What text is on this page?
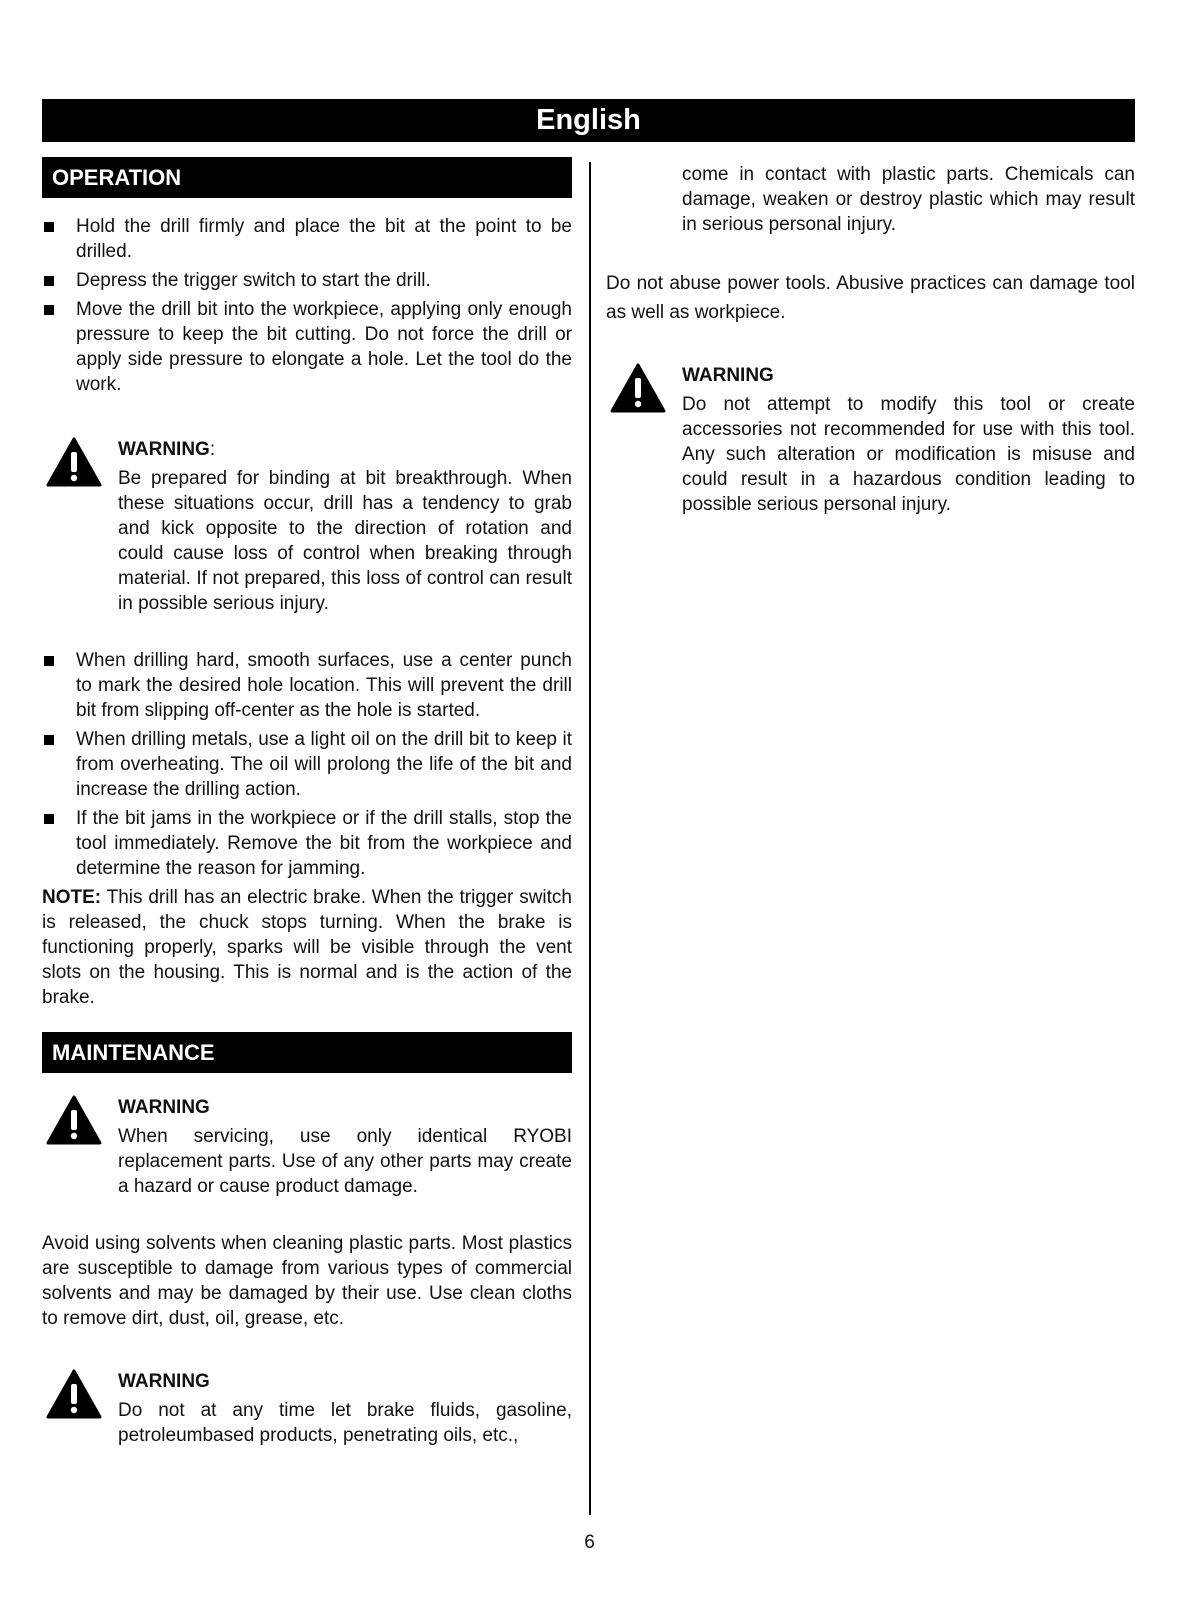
English
OPERATION
Hold the drill firmly and place the bit at the point to be drilled.
Depress the trigger switch to start the drill.
Move the drill bit into the workpiece, applying only enough pressure to keep the bit cutting. Do not force the drill or apply side pressure to elongate a hole. Let the tool do the work.
WARNING:
Be prepared for binding at bit breakthrough. When these situations occur, drill has a tendency to grab and kick opposite to the direction of rotation and could cause loss of control when breaking through material. If not prepared, this loss of control can result in possible serious injury.
When drilling hard, smooth surfaces, use a center punch to mark the desired hole location. This will prevent the drill bit from slipping off-center as the hole is started.
When drilling metals, use a light oil on the drill bit to keep it from overheating. The oil will prolong the life of the bit and increase the drilling action.
If the bit jams in the workpiece or if the drill stalls, stop the tool immediately. Remove the bit from the workpiece and determine the reason for jamming.

NOTE: This drill has an electric brake. When the trigger switch is released, the chuck stops turning. When the brake is functioning properly, sparks will be visible through the vent slots on the housing. This is normal and is the action of the brake.

MAINTENANCE
WARNING
When servicing, use only identical RYOBI replacement parts. Use of any other parts may create a hazard or cause product damage.

Avoid using solvents when cleaning plastic parts. Most plastics are susceptible to damage from various types of commercial solvents and may be damaged by their use. Use clean cloths to remove dirt, dust, oil, grease, etc.

WARNING
Do not at any time let brake fluids, gasoline, petroleumbased products, penetrating oils, etc.,

come in contact with plastic parts. Chemicals can damage, weaken or destroy plastic which may result in serious personal injury.

Do not abuse power tools. Abusive practices can damage tool as well as workpiece.

WARNING
Do not attempt to modify this tool or create accessories not recommended for use with this tool. Any such alteration or modification is misuse and could result in a hazardous condition leading to possible serious personal injury.
6
